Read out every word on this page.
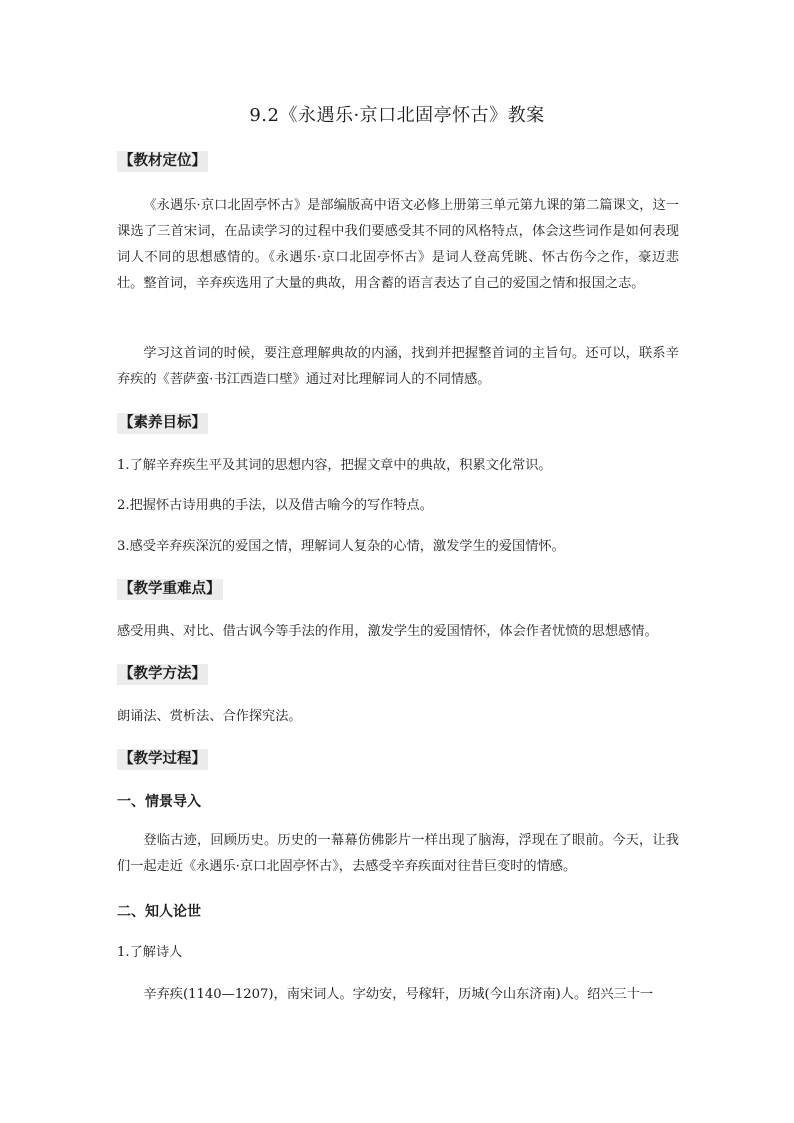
9.2《永遇乐·京口北固亭怀古》教案
【教材定位】
《永遇乐·京口北固亭怀古》是部编版高中语文必修上册第三单元第九课的第二篇课文，这一课选了三首宋词，在品读学习的过程中我们要感受其不同的风格特点，体会这些词作是如何表现词人不同的思想感情的。《永遇乐·京口北固亭怀古》是词人登高凭眺、怀古伤今之作，豪迈悲壮。整首词，辛弃疾选用了大量的典故，用含蓄的语言表达了自己的爱国之情和报国之志。
学习这首词的时候，要注意理解典故的内涵，找到并把握整首词的主旨句。还可以，联系辛弃疾的《菩萨蛮·书江西造口壁》通过对比理解词人的不同情感。
【素养目标】
1.了解辛弃疾生平及其词的思想内容，把握文章中的典故，积累文化常识。
2.把握怀古诗用典的手法，以及借古喻今的写作特点。
3.感受辛弃疾深沉的爱国之情，理解词人复杂的心情，激发学生的爱国情怀。
【教学重难点】
感受用典、对比、借古讽今等手法的作用，激发学生的爱国情怀，体会作者忧愤的思想感情。
【教学方法】
朗诵法、赏析法、合作探究法。
【教学过程】
一、情景导入
登临古迹，回顾历史。历史的一幕幕仿佛影片一样出现了脑海，浮现在了眼前。今天，让我们一起走近《永遇乐·京口北固亭怀古》，去感受辛弃疾面对往昔巨变时的情感。
二、知人论世
1.了解诗人
辛弃疾(1140—1207)，南宋词人。字幼安，号稼轩，历城(今山东济南)人。绍兴三十一
